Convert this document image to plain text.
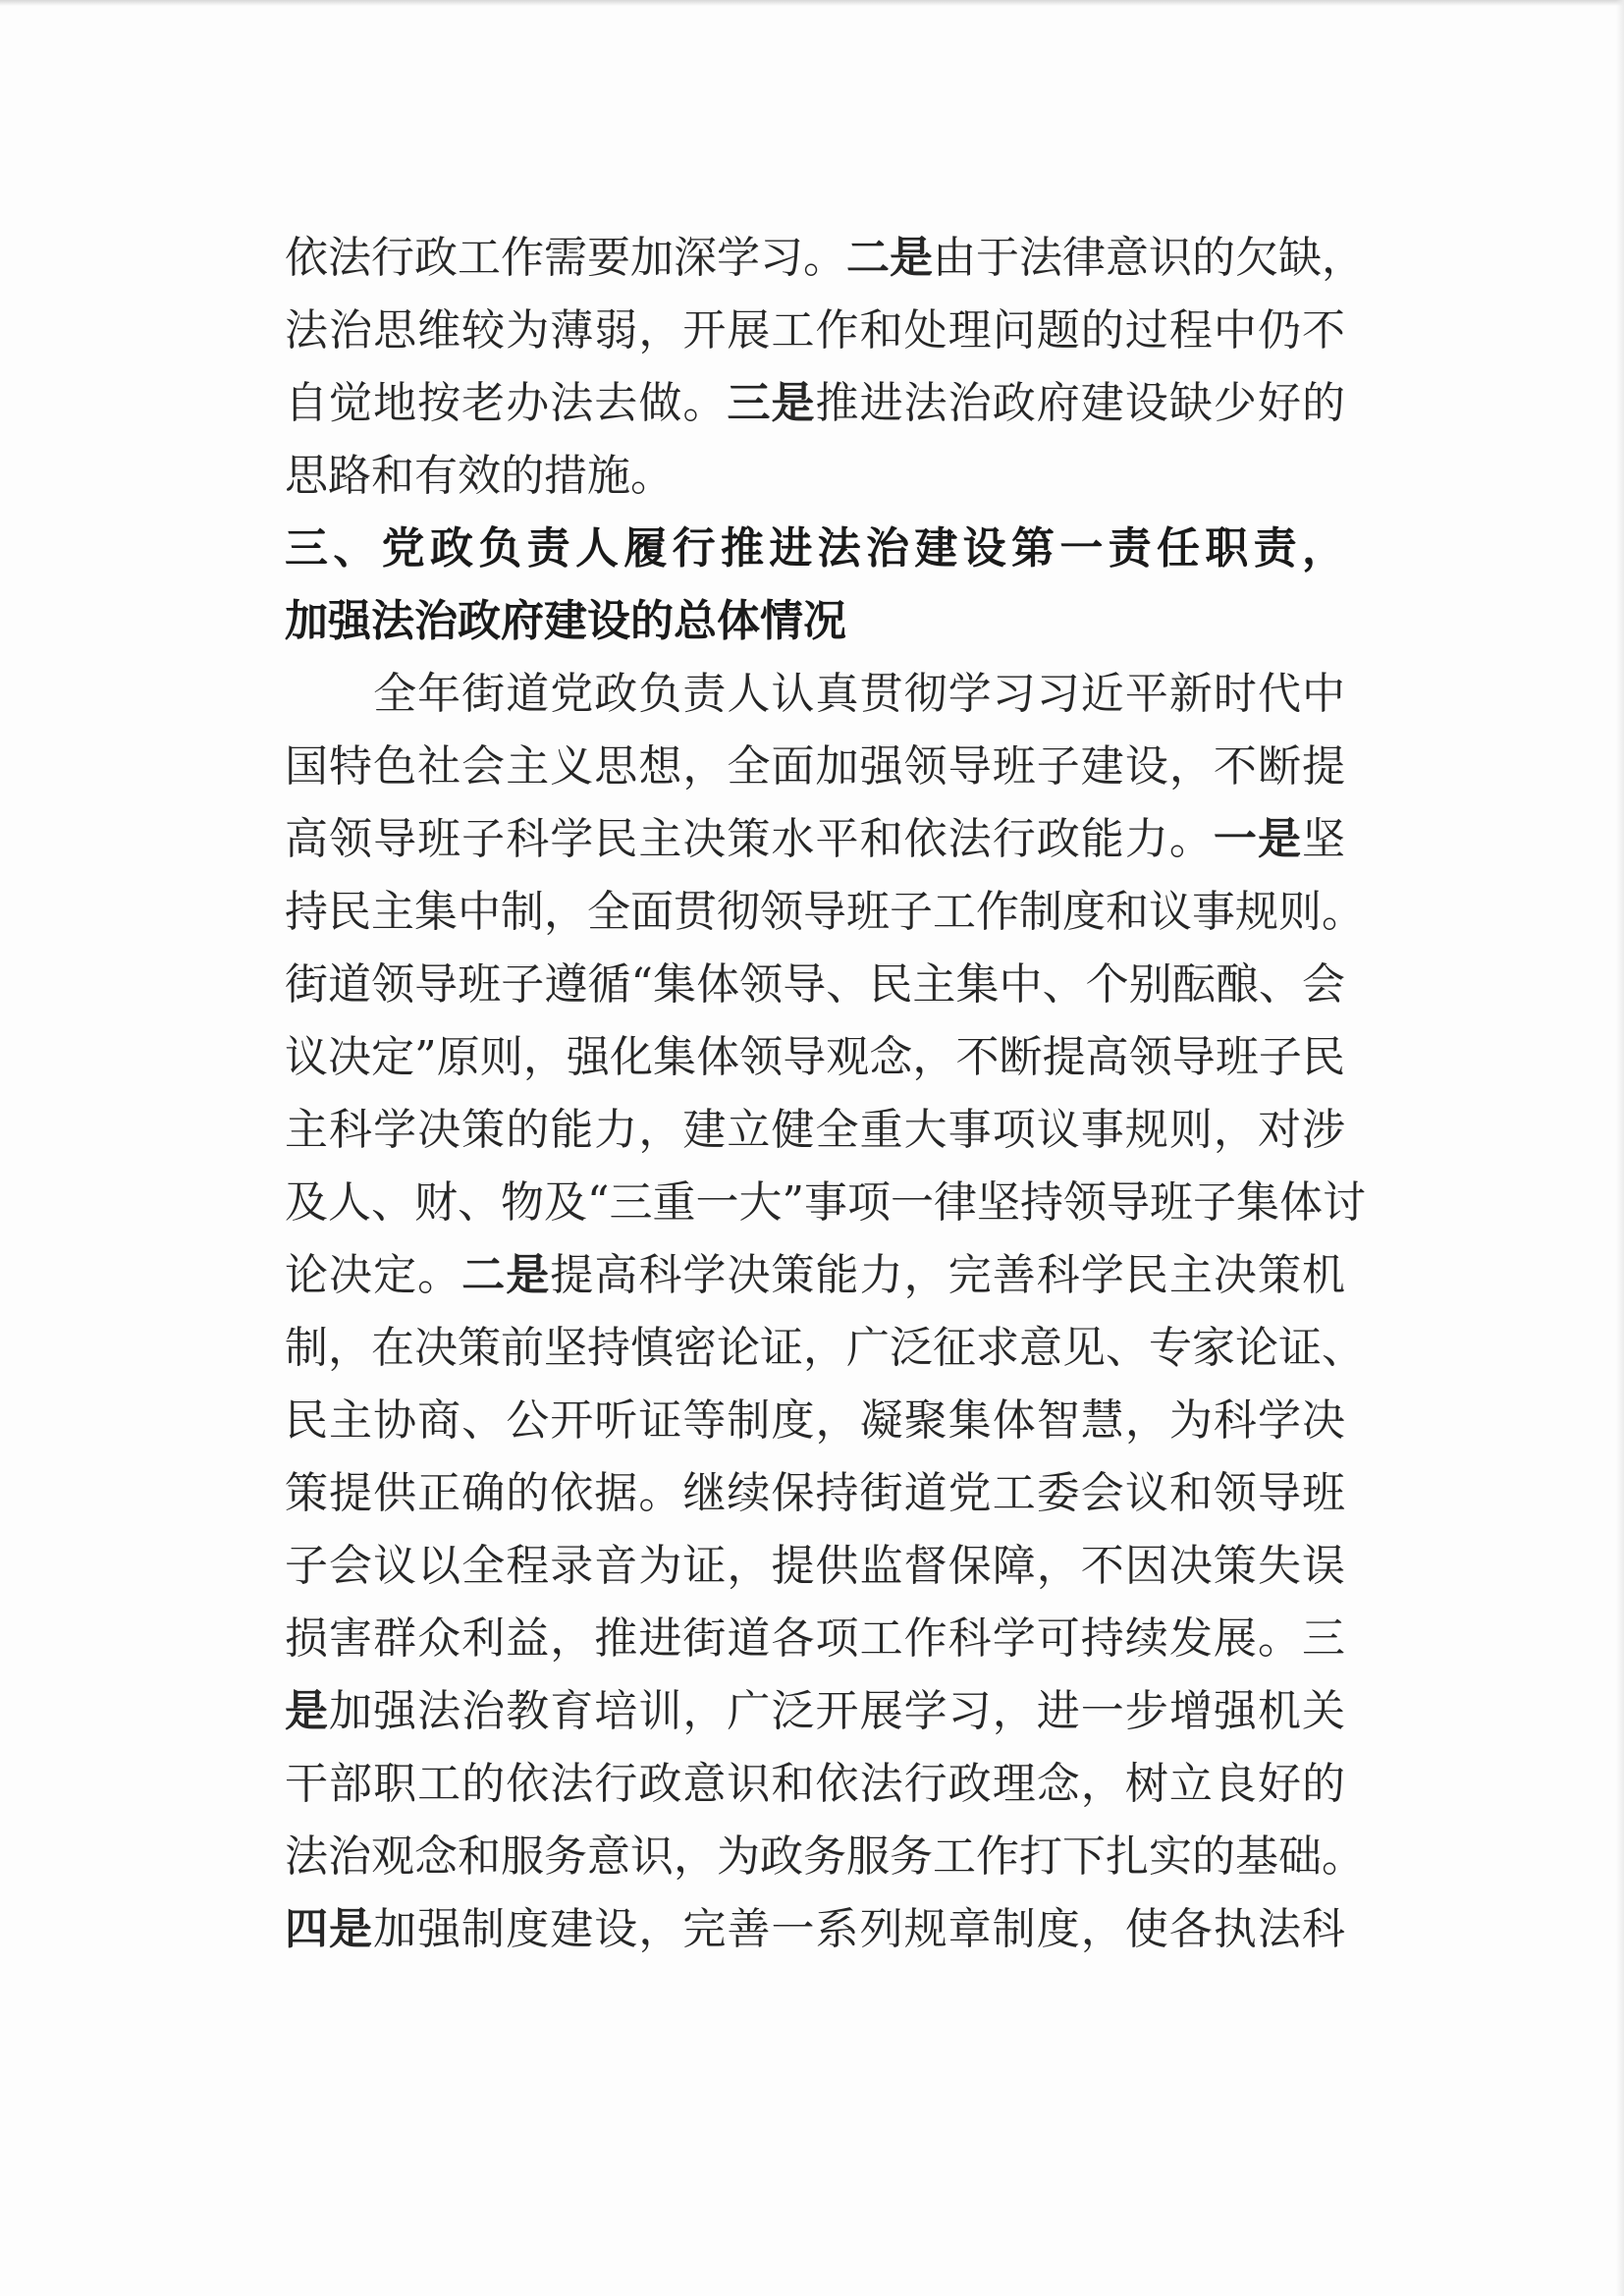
依法行政工作需要加深学习。二是由于法律意识的欠缺，
法治思维较为薄弱，开展工作和处理问题的过程中仍不
自觉地按老办法去做。三是推进法治政府建设缺少好的
思路和有效的措施。
三、党政负责人履行推进法治建设第一责任职责，
加强法治政府建设的总体情况
　　全年街道党政负责人认真贯彻学习习近平新时代中
国特色社会主义思想，全面加强领导班子建设，不断提
高领导班子科学民主决策水平和依法行政能力。一是坚
持民主集中制，全面贯彻领导班子工作制度和议事规则。
街道领导班子遵循“集体领导、民主集中、个别酝酿、会
议决定”原则，强化集体领导观念，不断提高领导班子民
主科学决策的能力，建立健全重大事项议事规则，对涉
及人、财、物及“三重一大”事项一律坚持领导班子集体讨
论决定。二是提高科学决策能力，完善科学民主决策机
制，在决策前坚持慎密论证，广泛征求意见、专家论证、
民主协商、公开听证等制度，凝聚集体智慧，为科学决
策提供正确的依据。继续保持街道党工委会议和领导班
子会议以全程录音为证，提供监督保障，不因决策失误
损害群众利益，推进街道各项工作科学可持续发展。三
是加强法治教育培训，广泛开展学习，进一步增强机关
干部职工的依法行政意识和依法行政理念，树立良好的
法治观念和服务意识，为政务服务工作打下扎实的基础。
四是加强制度建设，完善一系列规章制度，使各执法科
